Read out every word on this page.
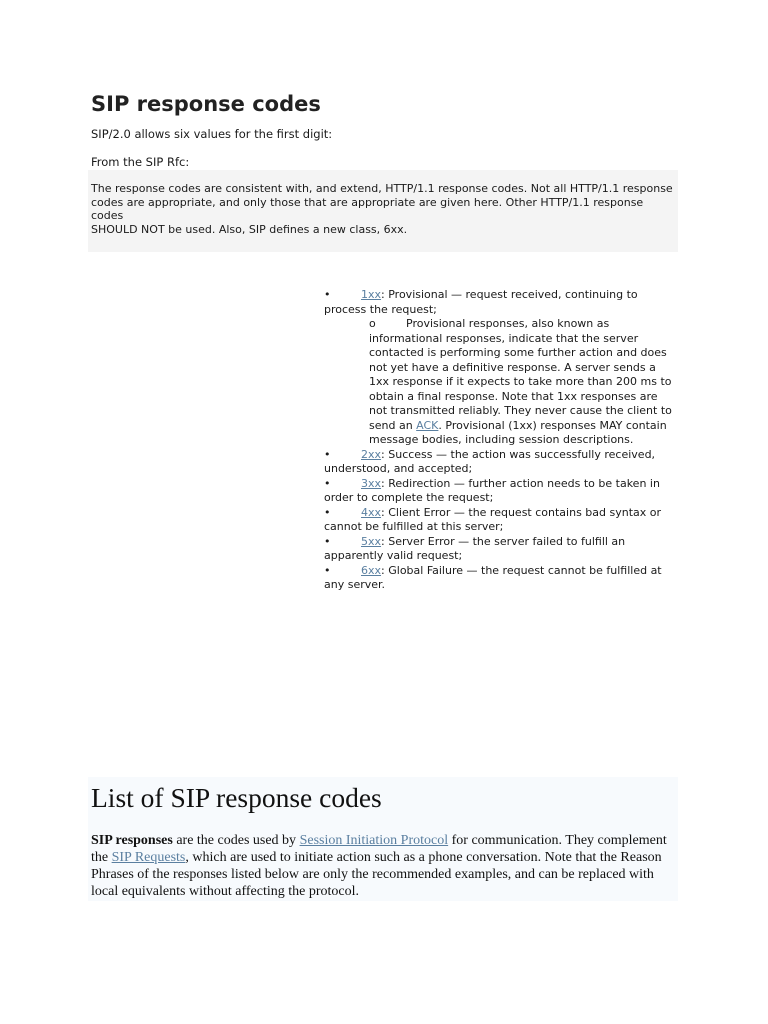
SIP response codes

SIP/2.0 allows six values for the first digit:

From the SIP Rfc:

The response codes are consistent with, and extend, HTTP/1.1 response codes. Not all HTTP/1.1 response
codes are appropriate, and only those that are appropriate are given here. Other HTTP/1.1 response codes
SHOULD NOT be used. Also, SIP defines a new class, 6xx.

•	1xx: Provisional — request received, continuing to process the request;
o	Provisional responses, also known as informational responses, indicate that the server contacted is performing some further action and does not yet have a definitive response. A server sends a 1xx response if it expects to take more than 200 ms to obtain a final response. Note that 1xx responses are not transmitted reliably. They never cause the client to send an ACK. Provisional (1xx) responses MAY contain message bodies, including session descriptions.
•	2xx: Success — the action was successfully received, understood, and accepted;
•	3xx: Redirection — further action needs to be taken in order to complete the request;
•	4xx: Client Error — the request contains bad syntax or cannot be fulfilled at this server;
•	5xx: Server Error — the server failed to fulfill an apparently valid request;
•	6xx: Global Failure — the request cannot be fulfilled at any server.
List of SIP response codes

SIP responses are the codes used by Session Initiation Protocol for communication. They complement the SIP Requests, which are used to initiate action such as a phone conversation. Note that the Reason Phrases of the responses listed below are only the recommended examples, and can be replaced with local equivalents without affecting the protocol.
